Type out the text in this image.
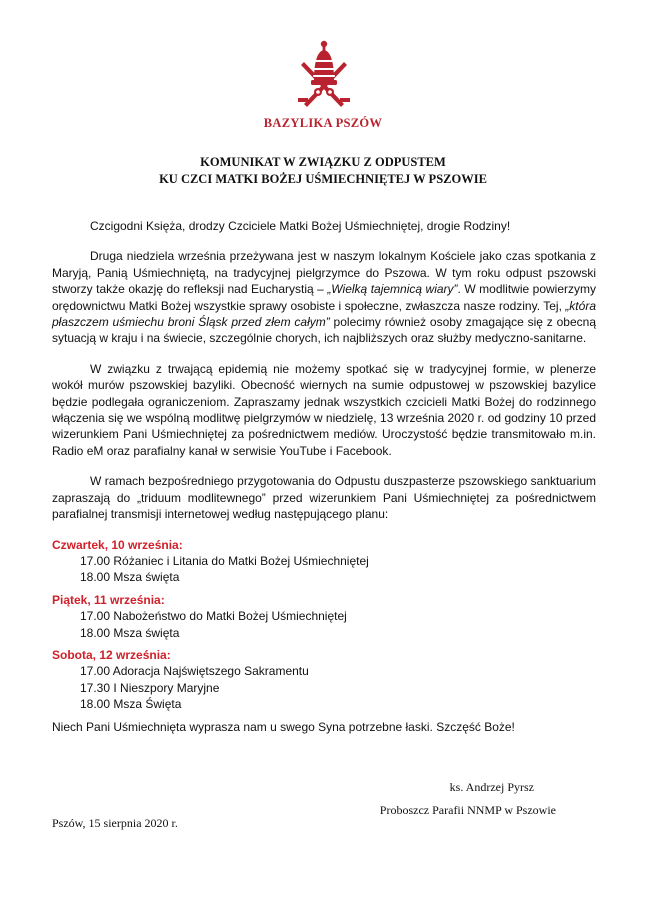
BAZYLIKA PSZÓW
KOMUNIKAT W ZWIĄZKU Z ODPUSTEM
KU CZCI MATKI BOŻEJ UŚMIECHNIĘTEJ W PSZOWIE

Czcigodni Księża, drodzy Czciciele Matki Bożej Uśmiechniętej, drogie Rodziny!

Druga niedziela września przeżywana jest w naszym lokalnym Kościele jako czas spotkania z Maryją, Panią Uśmiechniętą, na tradycyjnej pielgrzymce do Pszowa. W tym roku odpust pszowski stworzy także okazję do refleksji nad Eucharystią – „Wielką tajemnicą wiary”. W modlitwie powierzymy orędownictwu Matki Bożej wszystkie sprawy osobiste i społeczne, zwłaszcza nasze rodziny. Tej, „która płaszczem uśmiechu broni Śląsk przed złem całym” polecimy również osoby zmagające się z obecną sytuacją w kraju i na świecie, szczególnie chorych, ich najbliższych oraz służby medyczno-sanitarne.

W związku z trwającą epidemią nie możemy spotkać się w tradycyjnej formie, w plenerze wokół murów pszowskiej bazyliki. Obecność wiernych na sumie odpustowej w pszowskiej bazylice będzie podlegała ograniczeniom. Zapraszamy jednak wszystkich czcicieli Matki Bożej do rodzinnego włączenia się we wspólną modlitwę pielgrzymów w niedzielę, 13 września 2020 r. od godziny 10 przed wizerunkiem Pani Uśmiechniętej za pośrednictwem mediów. Uroczystość będzie transmitowało m.in. Radio eM oraz parafialny kanał w serwisie YouTube i Facebook.

W ramach bezpośredniego przygotowania do Odpustu duszpasterze pszowskiego sanktuarium zapraszają do „triduum modlitewnego” przed wizerunkiem Pani Uśmiechniętej za pośrednictwem parafialnej transmisji internetowej według następującego planu:

Czwartek, 10 września:
17.00 Różaniec i Litania do Matki Bożej Uśmiechniętej
18.00 Msza święta
Piątek, 11 września:
17.00 Nabożeństwo do Matki Bożej Uśmiechniętej
18.00 Msza święta
Sobota, 12 września:
17.00 Adoracja Najświętszego Sakramentu
17.30 I Nieszpory Maryjne
18.00 Msza Święta

Niech Pani Uśmiechnięta wyprasza nam u swego Syna potrzebne łaski. Szczęść Boże!

ks. Andrzej Pyrsz
Proboszcz Parafii NNMP w Pszowie
Pszów, 15 sierpnia 2020 r.
